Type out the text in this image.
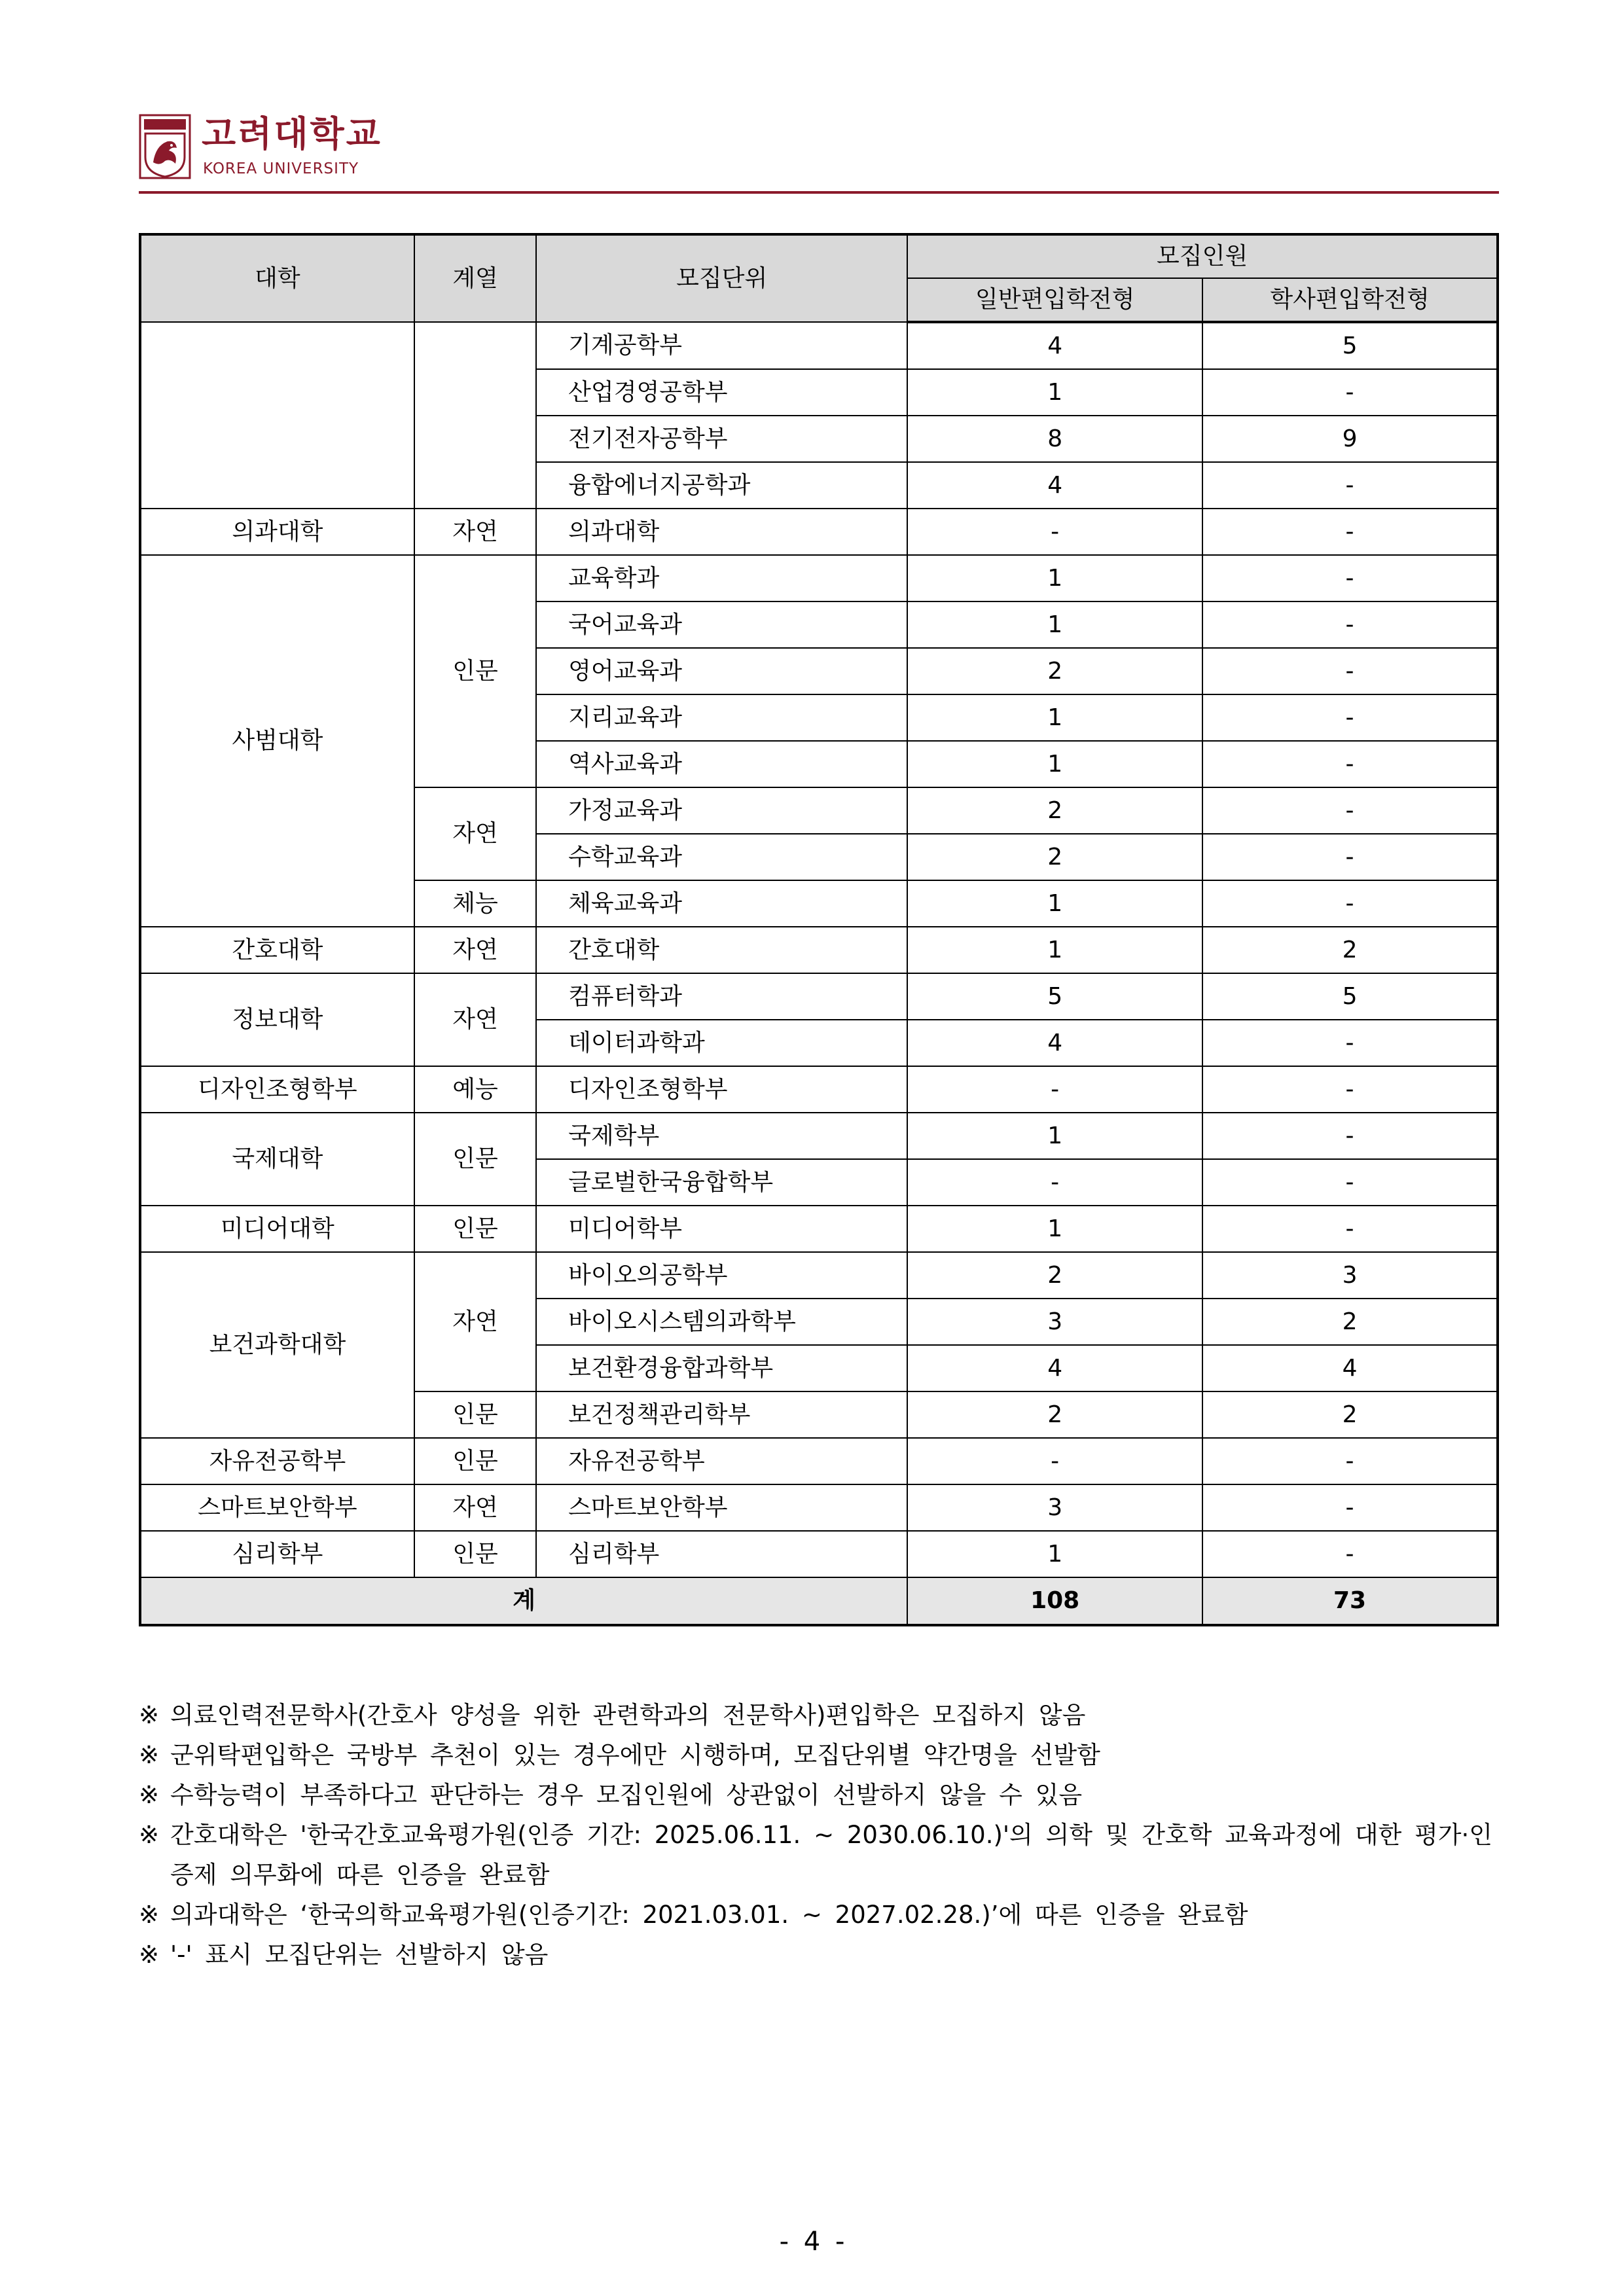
고려대학교
KOREA UNIVERSITY
대학	계열	모집단위	모집인원	
			일반편입학전형	학사편입학전형
		기계공학부	4	5
		산업경영공학부	1	-
		전기전자공학부	8	9
		융합에너지공학과	4	-
의과대학	자연	의과대학	-	-
사범대학	인문	교육학과	1	-
		국어교육과	1	-
		영어교육과	2	-
		지리교육과	1	-
		역사교육과	1	-
	자연	가정교육과	2	-
		수학교육과	2	-
	체능	체육교육과	1	-
간호대학	자연	간호대학	1	2
정보대학	자연	컴퓨터학과	5	5
		데이터과학과	4	-
디자인조형학부	예능	디자인조형학부	-	-
국제대학	인문	국제학부	1	-
		글로벌한국융합학부	-	-
미디어대학	인문	미디어학부	1	-
보건과학대학	자연	바이오의공학부	2	3
		바이오시스템의과학부	3	2
		보건환경융합과학부	4	4
	인문	보건정책관리학부	2	2
자유전공학부	인문	자유전공학부	-	-
스마트보안학부	자연	스마트보안학부	3	-
심리학부	인문	심리학부	1	-
계			108	73
※ 의료인력전문학사(간호사 양성을 위한 관련학과의 전문학사)편입학은 모집하지 않음
※ 군위탁편입학은 국방부 추천이 있는 경우에만 시행하며, 모집단위별 약간명을 선발함
※ 수학능력이 부족하다고 판단하는 경우 모집인원에 상관없이 선발하지 않을 수 있음
※ 간호대학은 '한국간호교육평가원(인증 기간: 2025.06.11. ~ 2030.06.10.)'의 의학 및 간호학 교육과정에 대한 평가·인증제 의무화에 따른 인증을 완료함
※ 의과대학은 ‘한국의학교육평가원(인증기간: 2021.03.01. ~ 2027.02.28.)’에 따른 인증을 완료함
※ '-' 표시 모집단위는 선발하지 않음
- 4 -
